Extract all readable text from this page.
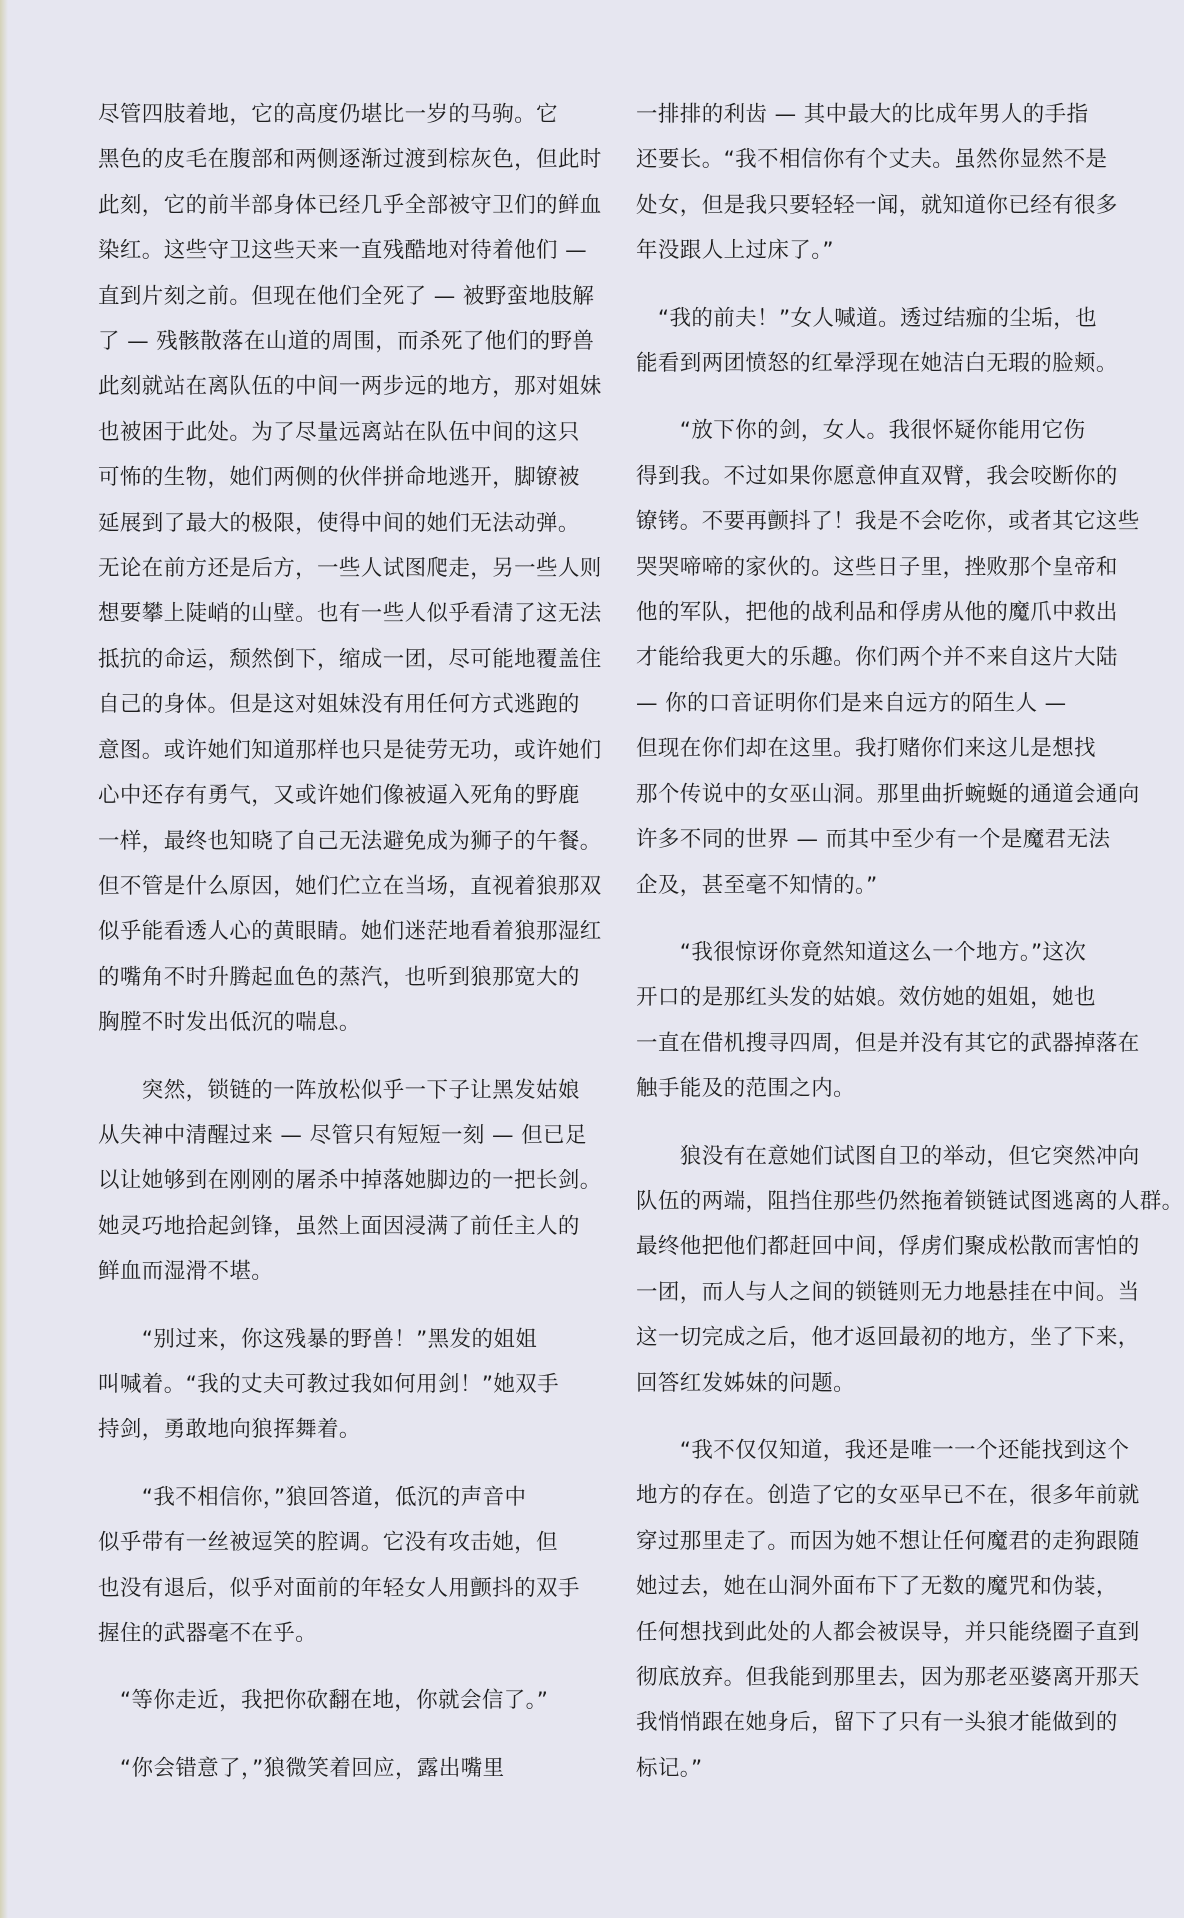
尽管四肢着地，它的高度仍堪比一岁的马驹。它
黑色的皮毛在腹部和两侧逐渐过渡到棕灰色，但此时
此刻，它的前半部身体已经几乎全部被守卫们的鲜血
染红。这些守卫这些天来一直残酷地对待着他们 —
直到片刻之前。但现在他们全死了 — 被野蛮地肢解
了 — 残骸散落在山道的周围，而杀死了他们的野兽
此刻就站在离队伍的中间一两步远的地方，那对姐妹
也被困于此处。为了尽量远离站在队伍中间的这只
可怖的生物，她们两侧的伙伴拼命地逃开，脚镣被
延展到了最大的极限，使得中间的她们无法动弹。
无论在前方还是后方，一些人试图爬走，另一些人则
想要攀上陡峭的山壁。也有一些人似乎看清了这无法
抵抗的命运，颓然倒下，缩成一团，尽可能地覆盖住
自己的身体。但是这对姐妹没有用任何方式逃跑的
意图。或许她们知道那样也只是徒劳无功，或许她们
心中还存有勇气，又或许她们像被逼入死角的野鹿
一样，最终也知晓了自己无法避免成为狮子的午餐。
但不管是什么原因，她们伫立在当场，直视着狼那双
似乎能看透人心的黄眼睛。她们迷茫地看着狼那湿红
的嘴角不时升腾起血色的蒸汽，也听到狼那宽大的
胸膛不时发出低沉的喘息。
　　突然，锁链的一阵放松似乎一下子让黑发姑娘
从失神中清醒过来 — 尽管只有短短一刻 — 但已足
以让她够到在刚刚的屠杀中掉落她脚边的一把长剑。
她灵巧地拾起剑锋，虽然上面因浸满了前任主人的
鲜血而湿滑不堪。
　　“别过来，你这残暴的野兽！”黑发的姐姐
叫喊着。“我的丈夫可教过我如何用剑！”她双手
持剑，勇敢地向狼挥舞着。
　　“我不相信你，”狼回答道，低沉的声音中
似乎带有一丝被逗笑的腔调。它没有攻击她，但
也没有退后，似乎对面前的年轻女人用颤抖的双手
握住的武器毫不在乎。
　“等你走近，我把你砍翻在地，你就会信了。”
　“你会错意了，”狼微笑着回应，露出嘴里
一排排的利齿 — 其中最大的比成年男人的手指
还要长。“我不相信你有个丈夫。虽然你显然不是
处女，但是我只要轻轻一闻，就知道你已经有很多
年没跟人上过床了。”
　“我的前夫！”女人喊道。透过结痂的尘垢，也
能看到两团愤怒的红晕浮现在她洁白无瑕的脸颊。
　　“放下你的剑，女人。我很怀疑你能用它伤
得到我。不过如果你愿意伸直双臂，我会咬断你的
镣铐。不要再颤抖了！我是不会吃你，或者其它这些
哭哭啼啼的家伙的。这些日子里，挫败那个皇帝和
他的军队，把他的战利品和俘虏从他的魔爪中救出
才能给我更大的乐趣。你们两个并不来自这片大陆
— 你的口音证明你们是来自远方的陌生人 —
但现在你们却在这里。我打赌你们来这儿是想找
那个传说中的女巫山洞。那里曲折蜿蜒的通道会通向
许多不同的世界 — 而其中至少有一个是魔君无法
企及，甚至毫不知情的。”
　　“我很惊讶你竟然知道这么一个地方。”这次
开口的是那红头发的姑娘。效仿她的姐姐，她也
一直在借机搜寻四周，但是并没有其它的武器掉落在
触手能及的范围之内。
　　狼没有在意她们试图自卫的举动，但它突然冲向
队伍的两端，阻挡住那些仍然拖着锁链试图逃离的人群。
最终他把他们都赶回中间，俘虏们聚成松散而害怕的
一团，而人与人之间的锁链则无力地悬挂在中间。当
这一切完成之后，他才返回最初的地方，坐了下来，
回答红发姊妹的问题。
　　“我不仅仅知道，我还是唯一一个还能找到这个
地方的存在。创造了它的女巫早已不在，很多年前就
穿过那里走了。而因为她不想让任何魔君的走狗跟随
她过去，她在山洞外面布下了无数的魔咒和伪装，
任何想找到此处的人都会被误导，并只能绕圈子直到
彻底放弃。但我能到那里去，因为那老巫婆离开那天
我悄悄跟在她身后，留下了只有一头狼才能做到的
标记。”
